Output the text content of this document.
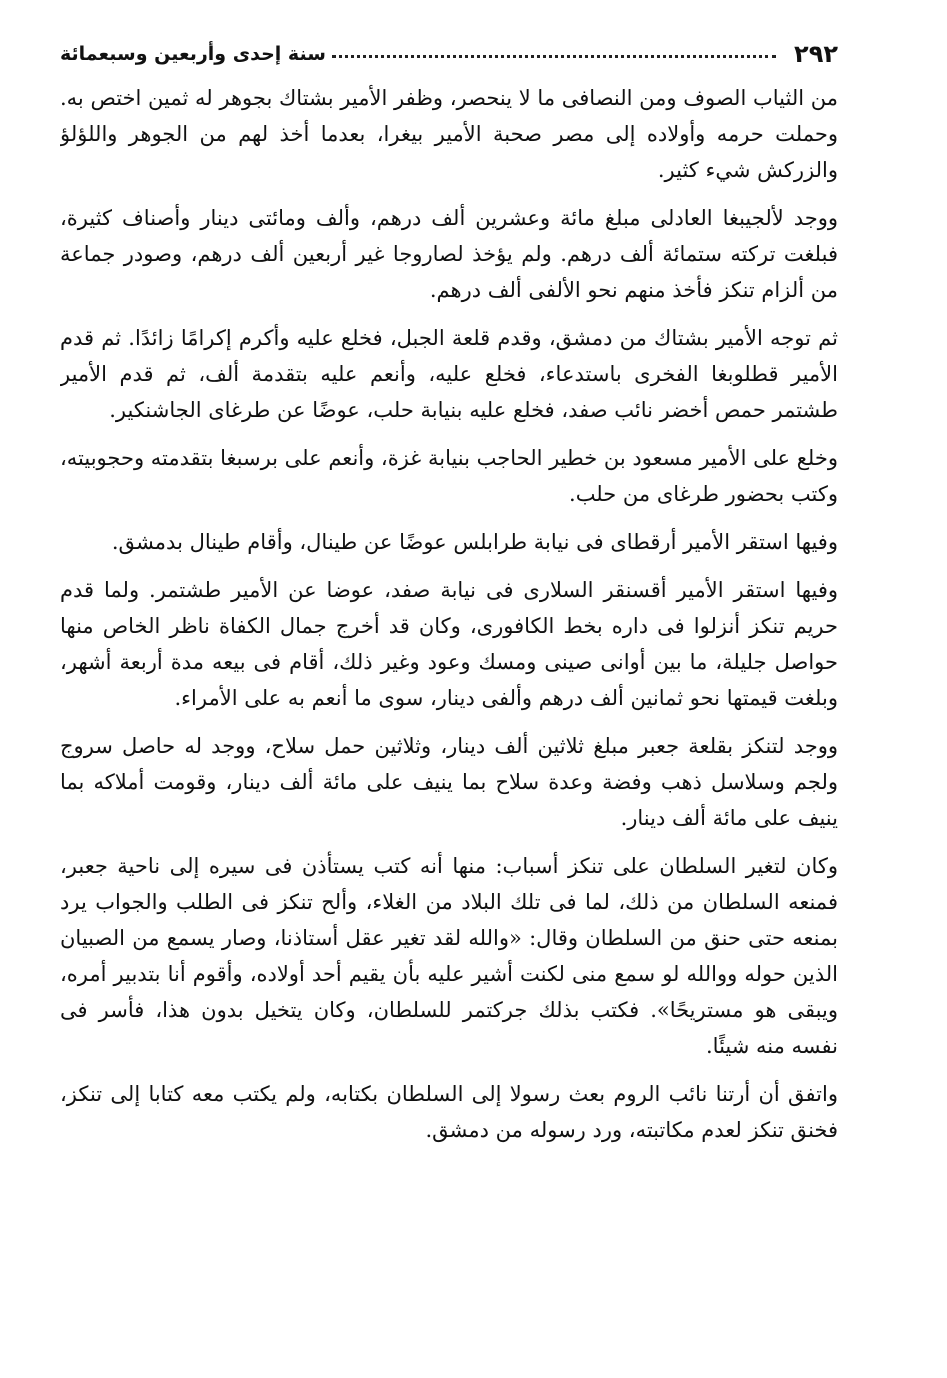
٢٩٢
سنة إحدى وأربعين وسبعمائة

من الثياب الصوف ومن النصافى ما لا ينحصر، وظفر الأمير بشتاك بجوهر له ثمين اختص به. وحملت حرمه وأولاده إلى مصر صحبة الأمير بيغرا، بعدما أخذ لهم من الجوهر واللؤلؤ والزركش شيء كثير.

ووجد لألجيبغا العادلى مبلغ مائة وعشرين ألف درهم، وألف ومائتى دينار وأصناف كثيرة، فبلغت تركته ستمائة ألف درهم. ولم يؤخذ لصاروجا غير أربعين ألف درهم، وصودر جماعة من ألزام تنكز فأخذ منهم نحو الألفى ألف درهم.

ثم توجه الأمير بشتاك من دمشق، وقدم قلعة الجبل، فخلع عليه وأكرم إكرامًا زائدًا. ثم قدم الأمير قطلوبغا الفخرى باستدعاء، فخلع عليه، وأنعم عليه بتقدمة ألف، ثم قدم الأمير طشتمر حمص أخضر نائب صفد، فخلع عليه بنيابة حلب، عوضًا عن طرغاى الجاشنكير.

وخلع على الأمير مسعود بن خطير الحاجب بنيابة غزة، وأنعم على برسبغا بتقدمته وحجوبيته، وكتب بحضور طرغاى من حلب.

وفيها استقر الأمير أرقطاى فى نيابة طرابلس عوضًا عن طينال، وأقام طينال بدمشق.

وفيها استقر الأمير أقسنقر السلارى فى نيابة صفد، عوضا عن الأمير طشتمر. ولما قدم حريم تنكز أنزلوا فى داره بخط الكافورى، وكان قد أخرج جمال الكفاة ناظر الخاص منها حواصل جليلة، ما بين أوانى صينى ومسك وعود وغير ذلك، أقام فى بيعه مدة أربعة أشهر، وبلغت قيمتها نحو ثمانين ألف درهم وألفى دينار، سوى ما أنعم به على الأمراء.

ووجد لتنكز بقلعة جعبر مبلغ ثلاثين ألف دينار، وثلاثين حمل سلاح، ووجد له حاصل سروج ولجم وسلاسل ذهب وفضة وعدة سلاح بما ينيف على مائة ألف دينار، وقومت أملاكه بما ينيف على مائة ألف دينار.

وكان لتغير السلطان على تنكز أسباب: منها أنه كتب يستأذن فى سيره إلى ناحية جعبر، فمنعه السلطان من ذلك، لما فى تلك البلاد من الغلاء، وألح تنكز فى الطلب والجواب يرد بمنعه حتى حنق من السلطان وقال: «والله لقد تغير عقل أستاذنا، وصار يسمع من الصبيان الذين حوله ووالله لو سمع منى لكنت أشير عليه بأن يقيم أحد أولاده، وأقوم أنا بتدبير أمره، ويبقى هو مستريحًا». فكتب بذلك جركتمر للسلطان، وكان يتخيل بدون هذا، فأسر فى نفسه منه شيئًا.

واتفق أن أرتنا نائب الروم بعث رسولا إلى السلطان بكتابه، ولم يكتب معه كتابا إلى تنكز، فخنق تنكز لعدم مكاتبته، ورد رسوله من دمشق.
